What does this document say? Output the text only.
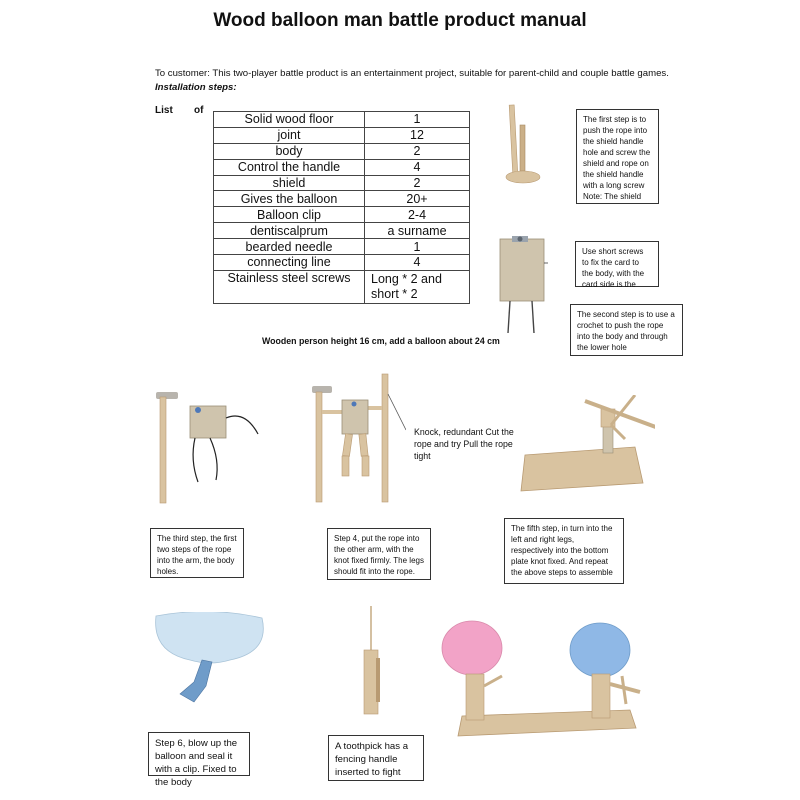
Wood balloon man battle product manual
To customer: This two-player battle product is an entertainment project, suitable for parent-child and couple battle games. Installation steps:
List of
Solid wood floor	1
joint	12
body	2
Control the handle	4
shield	2
Gives the balloon	20+
Balloon clip	2-4
dentiscalprum	a surname
bearded needle	1
connecting line	4
Stainless steel screws	Long * 2 and short * 2
The first step is to push the rope into the shield handle hole and screw the shield and rope on the shield handle with a long screw Note: The shield
Use short screws to fix the card to the body, with the card side is the
The second step is to use a crochet to push the rope into the body and through the lower hole
Wooden person height 16 cm, add a balloon about 24 cm
The third step, the first two steps of the rope into the arm, the body holes.
Knock, redundant Cut the rope and try Pull the rope tight
Step 4, put the rope into the other arm, with the knot fixed firmly. The legs should fit into the rope.
The fifth step, in turn into the left and right legs, respectively into the bottom plate knot fixed. And repeat the above steps to assemble
Step 6, blow up the balloon and seal it with a clip. Fixed to the body
A toothpick has a fencing handle inserted to fight
